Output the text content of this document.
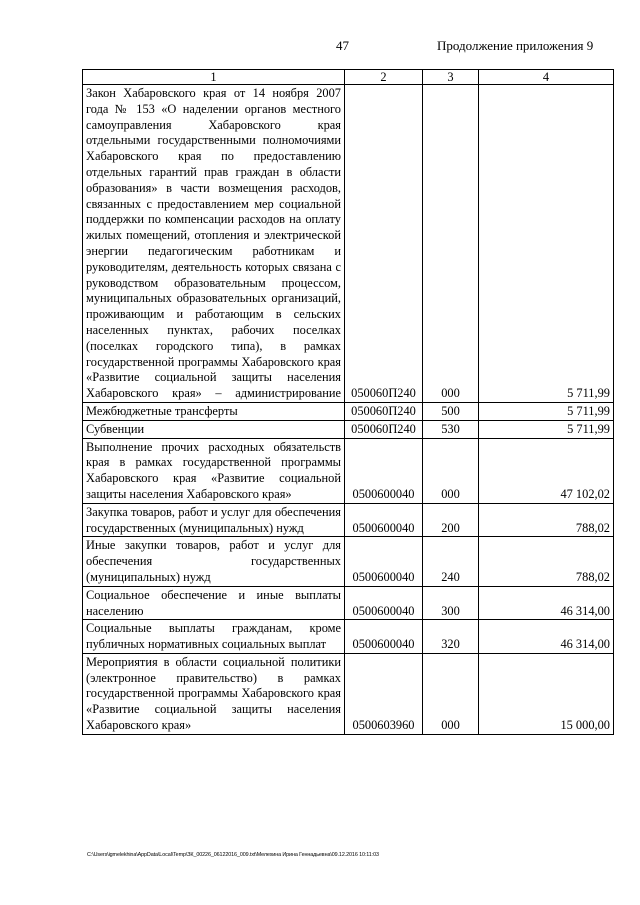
47	Продолжение приложения 9
1	2	3	4
Закон Хабаровского края от 14 ноября 2007 года № 153 «О наделении органов местного самоуправления Хабаровского края отдельными государственными полномочиями Хабаровского края по предоставлению отдельных гарантий прав граждан в области образования» в части возмещения расходов, связанных с предоставлением мер социальной поддержки по компенсации расходов на оплату жилых помещений, отопления и электрической энергии педагогическим работникам и руководителям, деятельность которых связана с руководством образовательным процессом, муниципальных образовательных организаций, проживающим и работающим в сельских населенных пунктах, рабочих поселках (поселках городского типа), в рамках государственной программы Хабаровского края «Развитие социальной защиты населения Хабаровского края» – администрирование	050060П240	000	5 711,99
Межбюджетные трансферты	050060П240	500	5 711,99
Субвенции	050060П240	530	5 711,99
Выполнение прочих расходных обязательств края в рамках государственной программы Хабаровского края «Развитие социальной защиты населения Хабаровского края»	0500600040	000	47 102,02
Закупка товаров, работ и услуг для обеспечения государственных (муниципальных) нужд	0500600040	200	788,02
Иные закупки товаров, работ и услуг для обеспечения государственных (муниципальных) нужд	0500600040	240	788,02
Социальное обеспечение и иные выплаты населению	0500600040	300	46 314,00
Социальные выплаты гражданам, кроме публичных нормативных социальных выплат	0500600040	320	46 314,00
Мероприятия в области социальной политики (электронное правительство) в рамках государственной программы Хабаровского края «Развитие социальной защиты населения Хабаровского края»	0500603960	000	15 000,00
C:\Users\igmelekhina\AppData\Local\Temp\ЗК_00226_06122016_009.txt\Мелехина Ирина Геннадьевна\09.12.2016 10:11:03
